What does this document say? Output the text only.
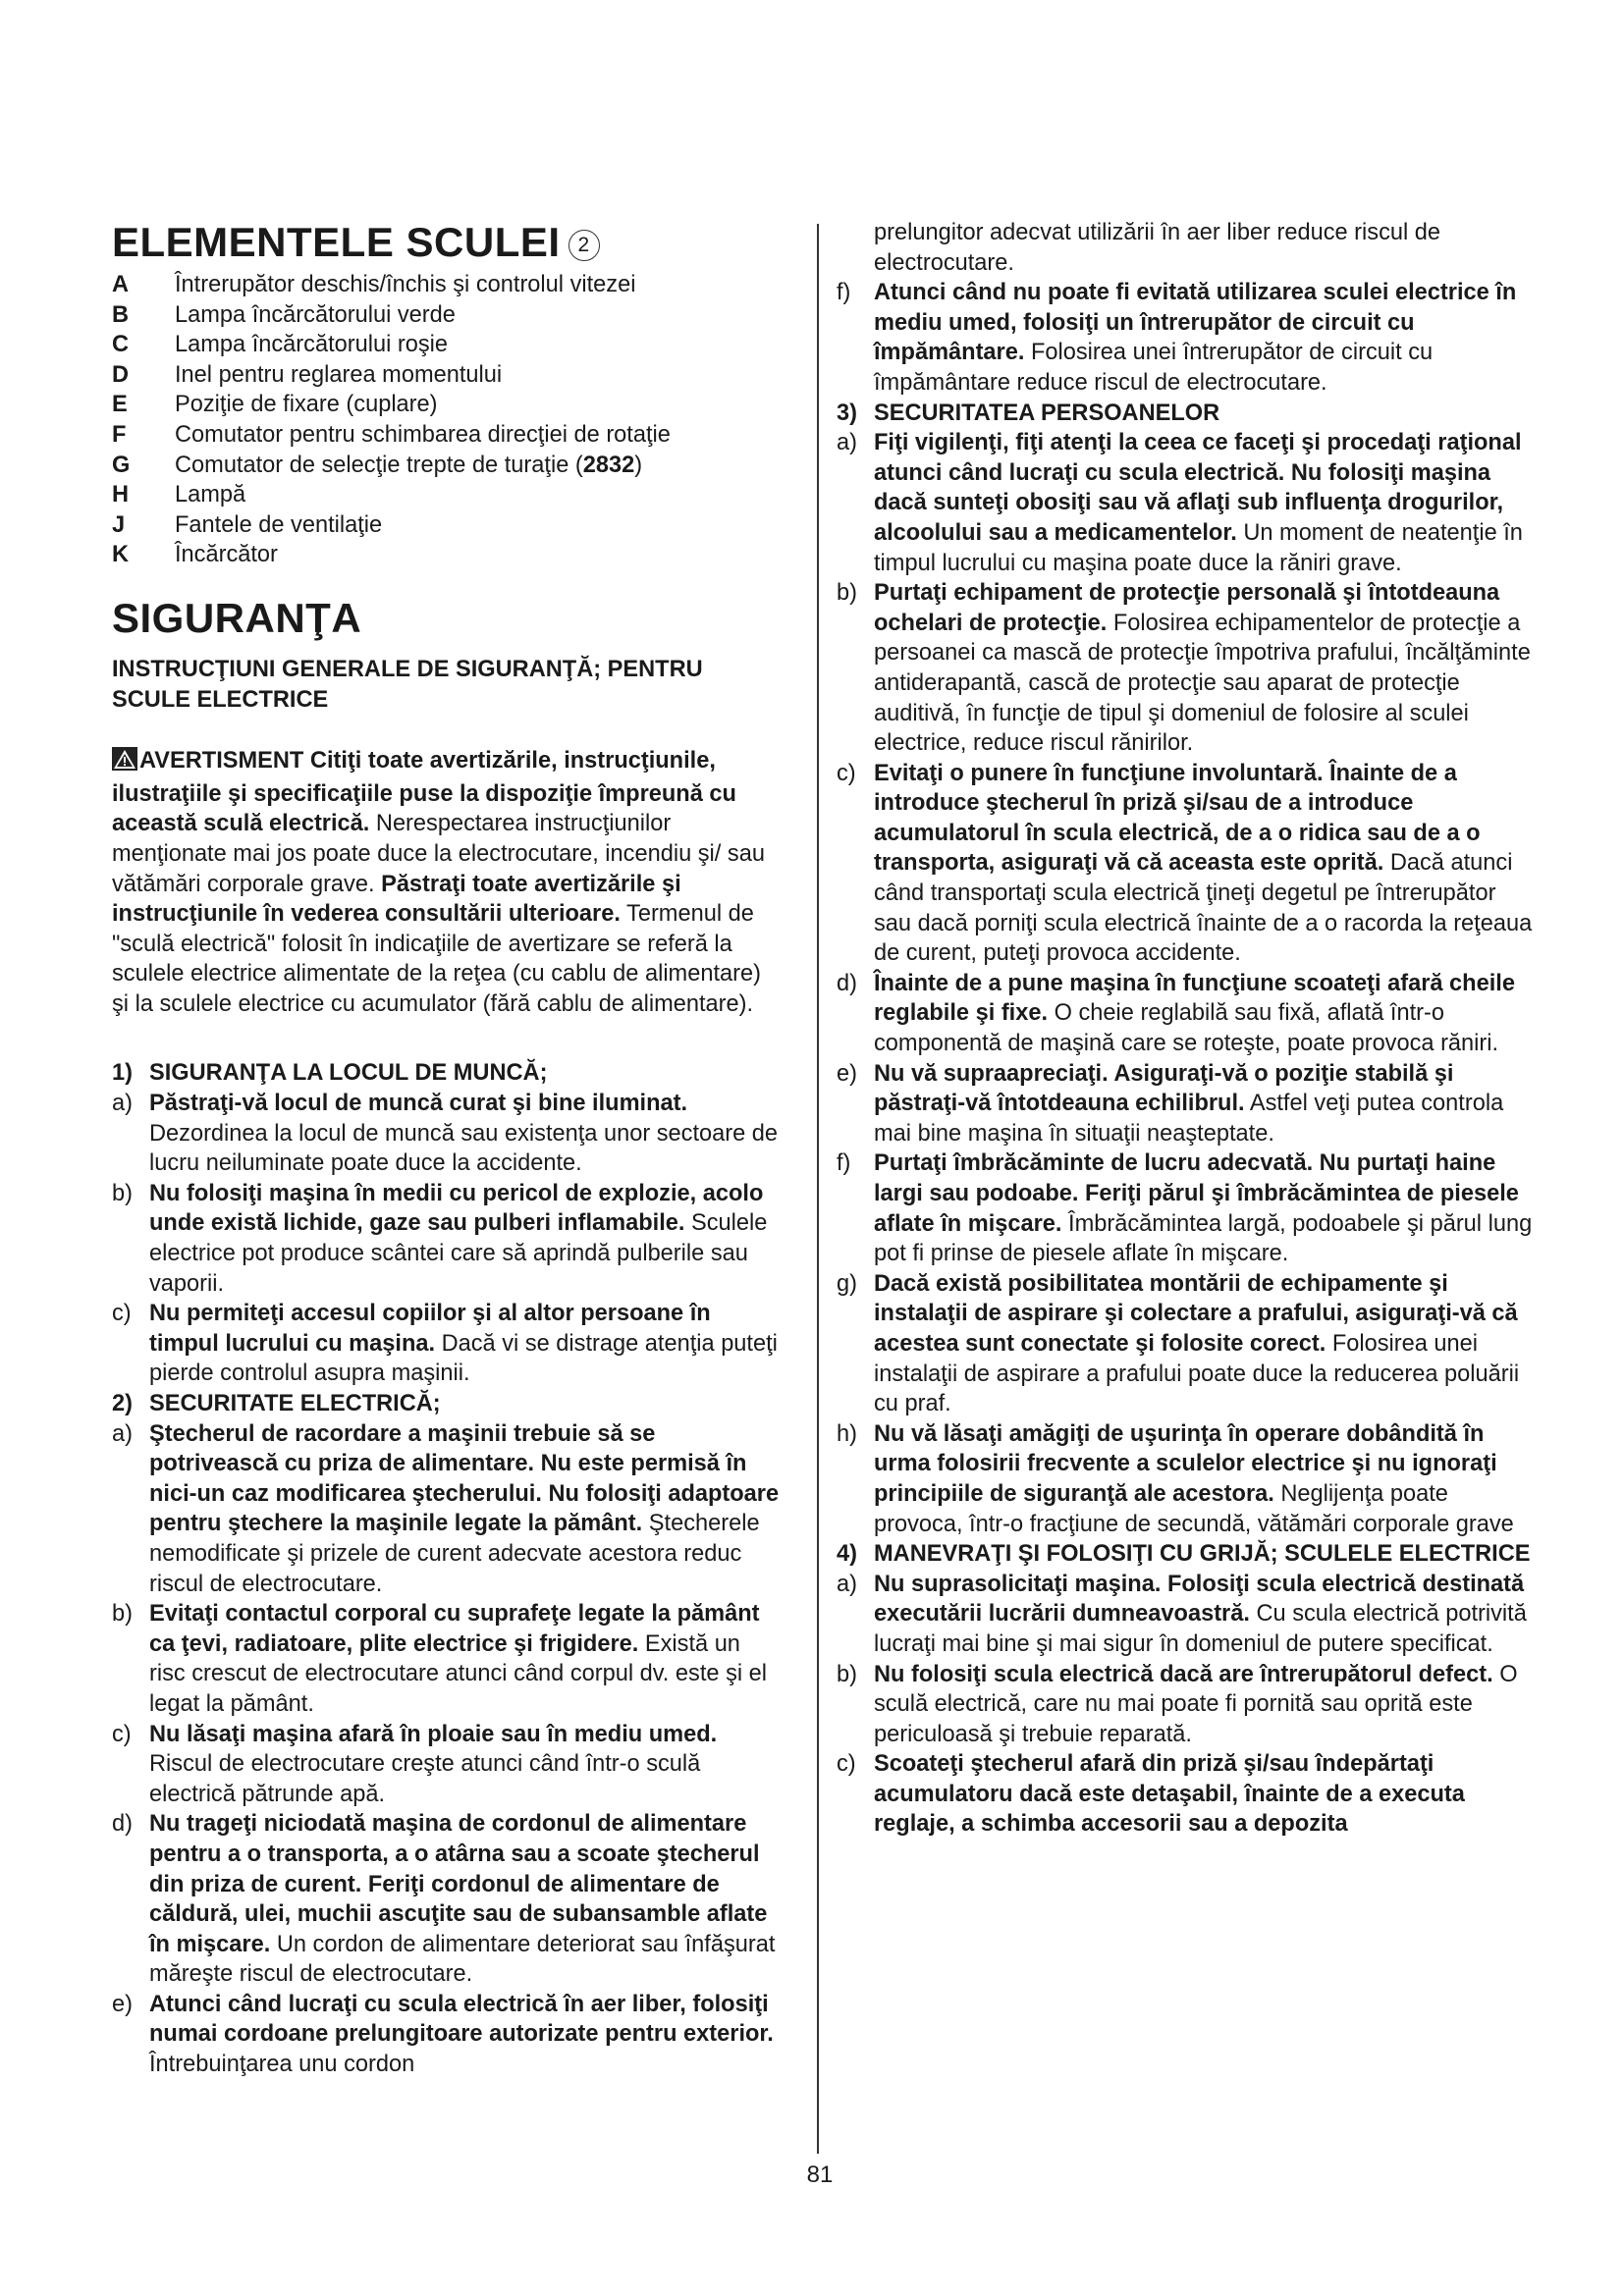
ELEMENTELE SCULEI 2
A	Întrerupător deschis/închis şi controlul vitezei
B	Lampa încărcătorului verde
C	Lampa încărcătorului roşie
D	Inel pentru reglarea momentului
E	Poziţie de fixare (cuplare)
F	Comutator pentru schimbarea direcţiei de rotaţie
G	Comutator de selecţie trepte de turaţie (2832)
H	Lampă
J	Fantele de ventilaţie
K	Încărcător
SIGURANŢA
INSTRUCŢIUNI GENERALE DE SIGURANŢĂ; PENTRU SCULE ELECTRICE
AVERTISMENT Citiţi toate avertizările, instrucţiunile, ilustraţiile şi specificaţiile puse la dispoziţie împreună cu această sculă electrică. Nerespectarea instrucţiunilor menţionate mai jos poate duce la electrocutare, incendiu şi/ sau vătămări corporale grave. Păstraţi toate avertizările şi instrucţiunile în vederea consultării ulterioare. Termenul de "sculă electrică" folosit în indicaţiile de avertizare se referă la sculele electrice alimentate de la reţea (cu cablu de alimentare) şi la sculele electrice cu acumulator (fără cablu de alimentare).
1) SIGURANŢA LA LOCUL DE MUNCĂ;
a) Păstraţi-vă locul de muncă curat şi bine iluminat. Dezordinea la locul de muncă sau existenţa unor sectoare de lucru neiluminate poate duce la accidente.
b) Nu folosiţi maşina în medii cu pericol de explozie, acolo unde există lichide, gaze sau pulberi inflamabile. Sculele electrice pot produce scântei care să aprindă pulberile sau vaporii.
c) Nu permiteţi accesul copiilor şi al altor persoane în timpul lucrului cu maşina. Dacă vi se distrage atenţia puteţi pierde controlul asupra maşinii.
2) SECURITATE ELECTRICĂ;
a) Ştecherul de racordare a maşinii trebuie să se potrivească cu priza de alimentare. Nu este permisă în nici-un caz modificarea ştecherului. Nu folosiţi adaptoare pentru ştechere la maşinile legate la pământ. Ştecherele nemodificate şi prizele de curent adecvate acestora reduc riscul de electrocutare.
b) Evitaţi contactul corporal cu suprafeţe legate la pământ ca ţevi, radiatoare, plite electrice şi frigidere. Există un risc crescut de electrocutare atunci când corpul dv. este şi el legat la pământ.
c) Nu lăsaţi maşina afară în ploaie sau în mediu umed. Riscul de electrocutare creşte atunci când într-o sculă electrică pătrunde apă.
d) Nu trageţi niciodată maşina de cordonul de alimentare pentru a o transporta, a o atârna sau a scoate ştecherul din priza de curent. Feriţi cordonul de alimentare de căldură, ulei, muchii ascuţite sau de subansamble aflate în mişcare. Un cordon de alimentare deteriorat sau înfăşurat măreşte riscul de electrocutare.
e) Atunci când lucraţi cu scula electrică în aer liber, folosiţi numai cordoane prelungitoare autorizate pentru exterior. Întrebuinţarea unu cordon
prelungitor adecvat utilizării în aer liber reduce riscul de electrocutare.
f) Atunci când nu poate fi evitată utilizarea sculei electrice în mediu umed, folosiţi un întrerupător de circuit cu împământare. Folosirea unei întrerupător de circuit cu împământare reduce riscul de electrocutare.
3) SECURITATEA PERSOANELOR
a) Fiţi vigilenţi, fiţi atenţi la ceea ce faceţi şi procedaţi raţional atunci când lucraţi cu scula electrică. Nu folosiţi maşina dacă sunteţi obosiţi sau vă aflaţi sub influenţa drogurilor, alcoolului sau a medicamentelor. Un moment de neatenţie în timpul lucrului cu maşina poate duce la răniri grave.
b) Purtaţi echipament de protecţie personală şi întotdeauna ochelari de protecţie. Folosirea echipamentelor de protecţie a persoanei ca mască de protecţie împotriva prafului, încălţăminte antiderapantă, cască de protecţie sau aparat de protecţie auditivă, în funcţie de tipul şi domeniul de folosire al sculei electrice, reduce riscul rănirilor.
c) Evitaţi o punere în funcţiune involuntară. Înainte de a introduce ştecherul în priză şi/sau de a introduce acumulatorul în scula electrică, de a o ridica sau de a o transporta, asiguraţi vă că aceasta este oprită. Dacă atunci când transportaţi scula electrică ţineţi degetul pe întrerupător sau dacă porniţi scula electrică înainte de a o racorda la reţeaua de curent, puteţi provoca accidente.
d) Înainte de a pune maşina în funcţiune scoateţi afară cheile reglabile şi fixe. O cheie reglabilă sau fixă, aflată într-o componentă de maşină care se roteşte, poate provoca răniri.
e) Nu vă supraapreciaţi. Asiguraţi-vă o poziţie stabilă şi păstraţi-vă întotdeauna echilibrul. Astfel veţi putea controla mai bine maşina în situaţii neaşteptate.
f) Purtaţi îmbrăcăminte de lucru adecvată. Nu purtaţi haine largi sau podoabe. Feriţi părul şi îmbrăcămintea de piesele aflate în mişcare. Îmbrăcămintea largă, podoabele şi părul lung pot fi prinse de piesele aflate în mişcare.
g) Dacă există posibilitatea montării de echipamente şi instalaţii de aspirare şi colectare a prafului, asiguraţi-vă că acestea sunt conectate şi folosite corect. Folosirea unei instalaţii de aspirare a prafului poate duce la reducerea poluării cu praf.
h) Nu vă lăsaţi amăgiţi de uşurinţa în operare dobândită în urma folosirii frecvente a sculelor electrice şi nu ignoraţi principiile de siguranţă ale acestora. Neglijenţa poate provoca, într-o fracţiune de secundă, vătămări corporale grave
4) MANEVRAŢI ŞI FOLOSIŢI CU GRIJĂ; SCULELE ELECTRICE
a) Nu suprasolicitaţi maşina. Folosiţi scula electrică destinată executării lucrării dumneavoastră. Cu scula electrică potrivită lucraţi mai bine şi mai sigur în domeniul de putere specificat.
b) Nu folosiţi scula electrică dacă are întrerupătorul defect. O sculă electrică, care nu mai poate fi pornită sau oprită este periculoasă şi trebuie reparată.
c) Scoateţi ştecherul afară din priză şi/sau îndepărtaţi acumulatoru dacă este detaşabil, înainte de a executa reglaje, a schimba accesorii sau a depozita
81
